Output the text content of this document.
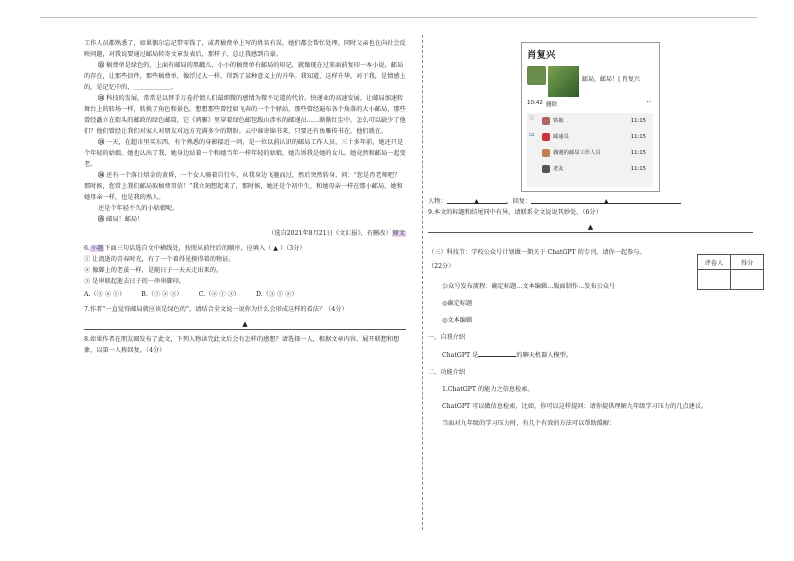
工作人员都熟悉了，如果偶尔忘记带零钱了，或者稿费单上写的姓名有误，她们都会帮忙处理。同时父亲也在向社会反映问题，对我说要通过邮局转寄文章发表后，那样子，总让我感到自豪。

⑪ 稿费单是绿色的，上面有邮局的黑戳儿，小小的稿费单有邮局的印记，就像现在过来面前复印一本小说。邮局的存在，让那些信件，那些稿费单，像浮过大一样，得到了某种意义上的升华。我知道，这样升华，对于我，是情感上的，是记忆中的，＿＿＿＿＿＿。

⑫ 科技的发展，常常是以替手万卷抒情人们最细微的感情为微不足道的代价。快递业的高速发展，让邮局加速转舞台上的转场一样，转换了角色和景色。想想那些曾经如飞奔的一个个驿站，那些曾经遍布各个角落的大小邮局，那些曾经矗立在街头的邮政的绿色邮筒，它《鸿雁》里穿着绿色邮包跋山涉水的邮递员……渐渐红尘中，怎么可以缺少了他们？他们曾经让我们对家人对朋友对远方充满多少的期盼。云中谁寄锦书来，只要还有鱼雁传书在，他们就在。

⑬ 一天，在超市里买东西，有个熟悉的身影接近一问，是一位以前认识的邮局工作人员，三十多年前，她还只是个年轻的姑娘。她也认出了我，她身边站着一个和她当年一样年轻的姑娘，她告诉我是她的女儿。她竟然和邮局一起变老。

⑭ 还有一个落日熔金的黄昏，一个女人骑着自行车，从我身边飞驰而过，然后突然转身，问：“您是肖老师吧？那时候，您常上我们邮局取稿费哥信！”我立刻想起来了，那时候，她还是个初中生，和她母亲一样在那小邮局，她和她母亲一样，也是我的熟人。

还是个年轻不久的小姑娘呢。

⑮ 邮局！邮局！

（选自2021年8月21日《文汇报》，有删改）原文

6.小题下面三句话选自文中横线处，按照从前往后的顺序，应填入（ ▲ ）（3分）

① 让流逝的青春时光，有了一个着得见摸得着的物证。

② 像脚上的老茧一样，是随日子一天天走出来的。

③ 是串联起逝去日子的一串串脚印。

A.（③ ② ①）	B.（① ② ③）	C.（② ① ③）	D.（③ ① ②）

7.作者“一直觉得邮局就应该是绿色的”，请结合全文说一说你为什么会形成这样的看法？（4分）

▲

8.如果作者在朋友圈发布了此文，下列人物读完此文后会有怎样的感想？请选择一人，根据文章内容，展开联想和想象，以第一人称回复。（4分）

肖复兴
邮局，邮局！| 肖复兴
10:42 删除	··
♡
▭
铁娘	11:15
邮递员	11:15
偶遇的邮局工作人员	11:15
老友	11:15

人物：	▲	，回复：	▲

9.本文的标题和结尾同中有异，请联系全文说说其妙处。（6分）

▲

（三）科技节：学校公众号计划做一期关于 ChatGPT 的专刊，请你一起参与。

（22分）

公众号发布流程：确定标题…文本编辑…版面制作…发布公众号

◎确定标题

◎文本编辑

一、自我介绍

ChatGPT 是	的聊天机器人模型。

二、功能介绍

1.ChatGPT 的能力之信息检索。

ChatGPT 可以做信息检索，比如，你可以这样提问：请你提供理解九年级学习压力的几点建议。

当面对九年级的学习压力时，有几个有效的方法可以帮助缓解：

评卷人	得分
